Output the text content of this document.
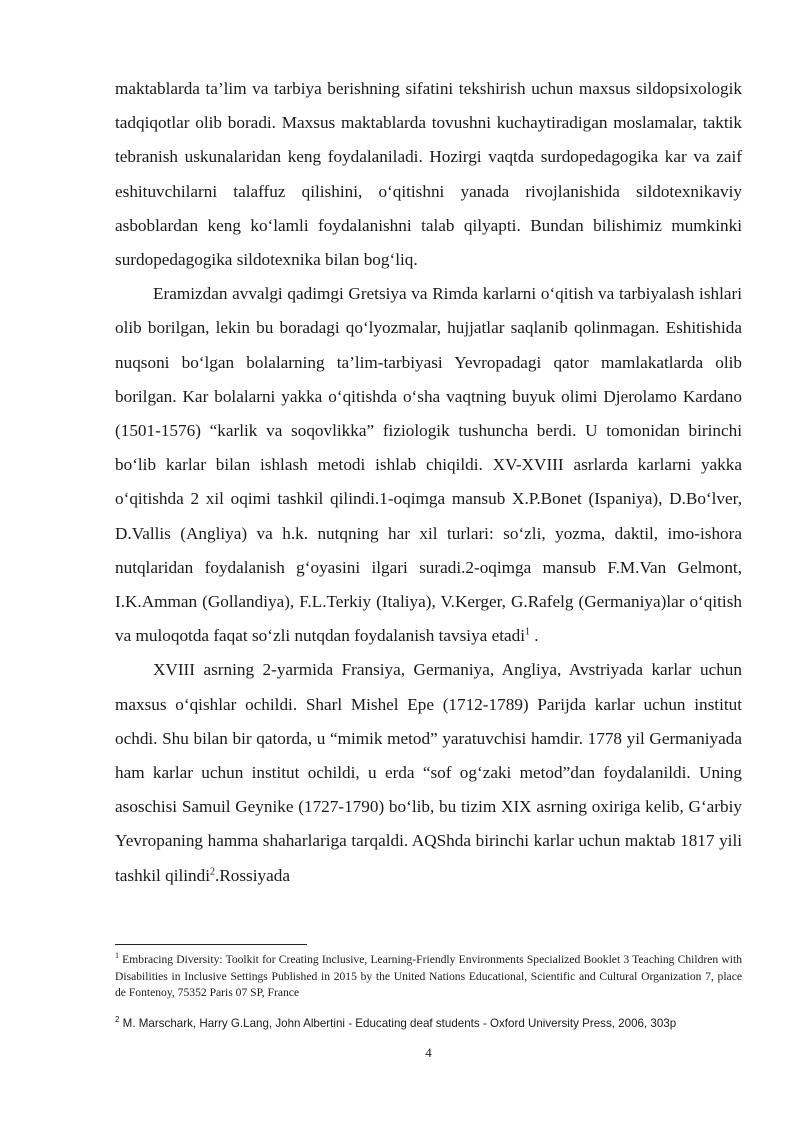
maktablarda ta’lim va tarbiya berishning sifatini tekshirish uchun maxsus sildopsixologik tadqiqotlar olib boradi. Maxsus maktablarda tovushni kuchaytiradigan moslamalar, taktik tebranish uskunalaridan keng foydalaniladi. Hozirgi vaqtda surdopedagogika kar va zaif eshituvchilarni talaffuz qilishini, o‘qitishni yanada rivojlanishida sildotexnikaviy asboblardan keng ko‘lamli foydalanishni talab qilyapti. Bundan bilishimiz mumkinki surdopedagogika sildotexnika bilan bog‘liq.

Eramizdan avvalgi qadimgi Gretsiya va Rimda karlarni o‘qitish va tarbiyalash ishlari olib borilgan, lekin bu boradagi qo‘lyozmalar, hujjatlar saqlanib qolinmagan. Eshitishida nuqsoni bo‘lgan bolalarning ta’lim-tarbiyasi Yevropadagi qator mamlakatlarda olib borilgan. Kar bolalarni yakka o‘qitishda o‘sha vaqtning buyuk olimi Djerolamo Kardano (1501-1576) “karlik va soqovlikka” fiziologik tushuncha berdi. U tomonidan birinchi bo‘lib karlar bilan ishlash metodi ishlab chiqildi. XV-XVIII asrlarda karlarni yakka o‘qitishda 2 xil oqimi tashkil qilindi.1-oqimga mansub X.P.Bonet (Ispaniya), D.Bo‘lver, D.Vallis (Angliya) va h.k. nutqning har xil turlari: so‘zli, yozma, daktil, imo-ishora nutqlaridan foydalanish g‘oyasini ilgari suradi.2-oqimga mansub F.M.Van Gelmont, I.K.Amman (Gollandiya), F.L.Terkiy (Italiya), V.Kerger, G.Rafelg (Germaniya)lar o‘qitish va muloqotda faqat so‘zli nutqdan foydalanish tavsiya etadi$^1$ .

XVIII asrning 2-yarmida Fransiya, Germaniya, Angliya, Avstriyada karlar uchun maxsus o‘qishlar ochildi. Sharl Mishel Epe (1712-1789) Parijda karlar uchun institut ochdi. Shu bilan bir qatorda, u “mimik metod” yaratuvchisi hamdir. 1778 yil Germaniyada ham karlar uchun institut ochildi, u erda “sof og‘zaki metod”dan foydalanildi. Uning asoschisi Samuil Geynike (1727-1790) bo‘lib, bu tizim XIX asrning oxiriga kelib, G‘arbiy Yevropaning hamma shaharlariga tarqaldi. AQShda birinchi karlar uchun maktab 1817 yili tashkil qilindi$^2$.Rossiyada

$^1$ Embracing Diversity: Toolkit for Creating Inclusive, Learning-Friendly Environments Specialized Booklet 3 Teaching Children with Disabilities in Inclusive Settings Published in 2015 by the United Nations Educational, Scientific and Cultural Organization 7, place de Fontenoy, 75352 Paris 07 SP, France

$^2$ M. Marschark, Harry G.Lang, John Albertini - Educating deaf students - Oxford University Press, 2006, 303p

4
